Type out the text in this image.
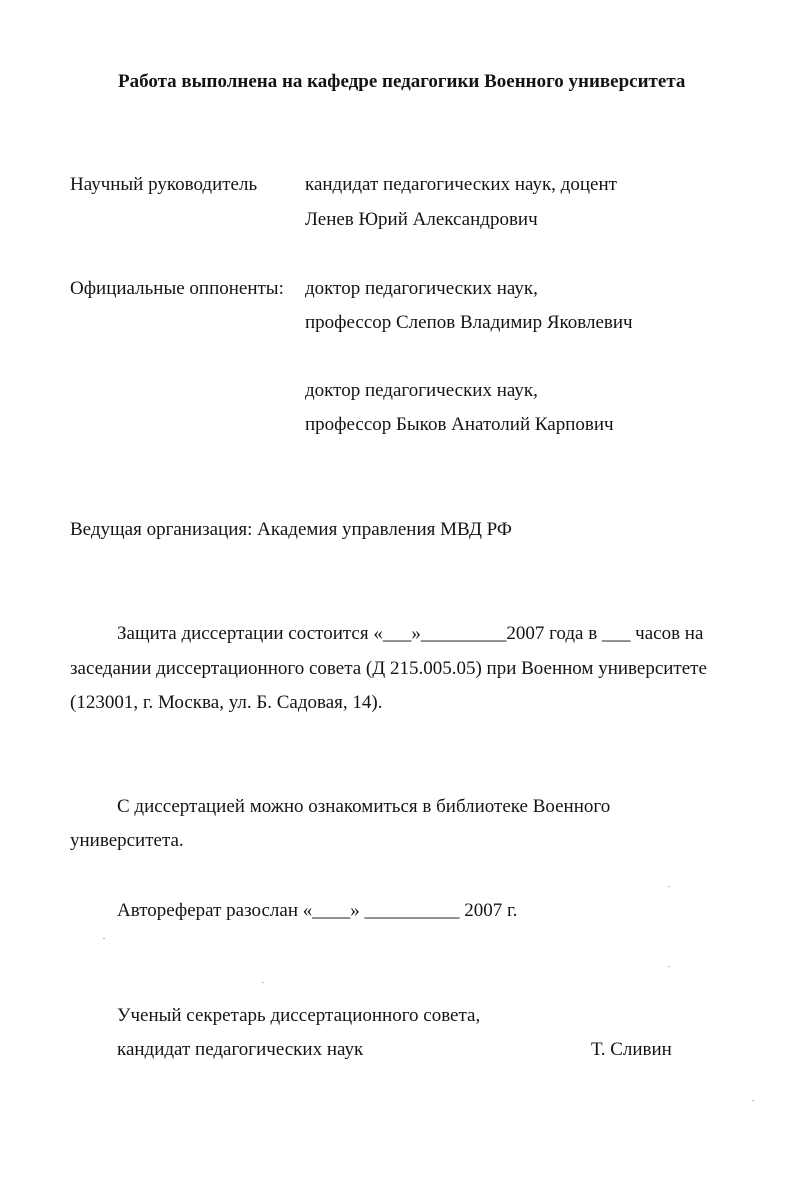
Работа выполнена на кафедре педагогики Военного университета
Научный руководитель	кандидат педагогических наук, доцент
Ленев Юрий Александрович
Официальные оппоненты: доктор педагогических наук,
профессор Слепов Владимир Яковлевич
доктор педагогических наук,
профессор Быков Анатолий Карпович
Ведущая организация: Академия управления МВД РФ
Защита диссертации состоится «___»_________2007 года в ___ часов на
заседании диссертационного совета (Д 215.005.05) при Военном университете
(123001, г. Москва, ул. Б. Садовая, 14).
С диссертацией можно ознакомиться в библиотеке Военного
университета.
Автореферат разослан «____» __________ 2007 г.
Ученый секретарь диссертационного совета,
кандидат педагогических наук	Т. Сливин
